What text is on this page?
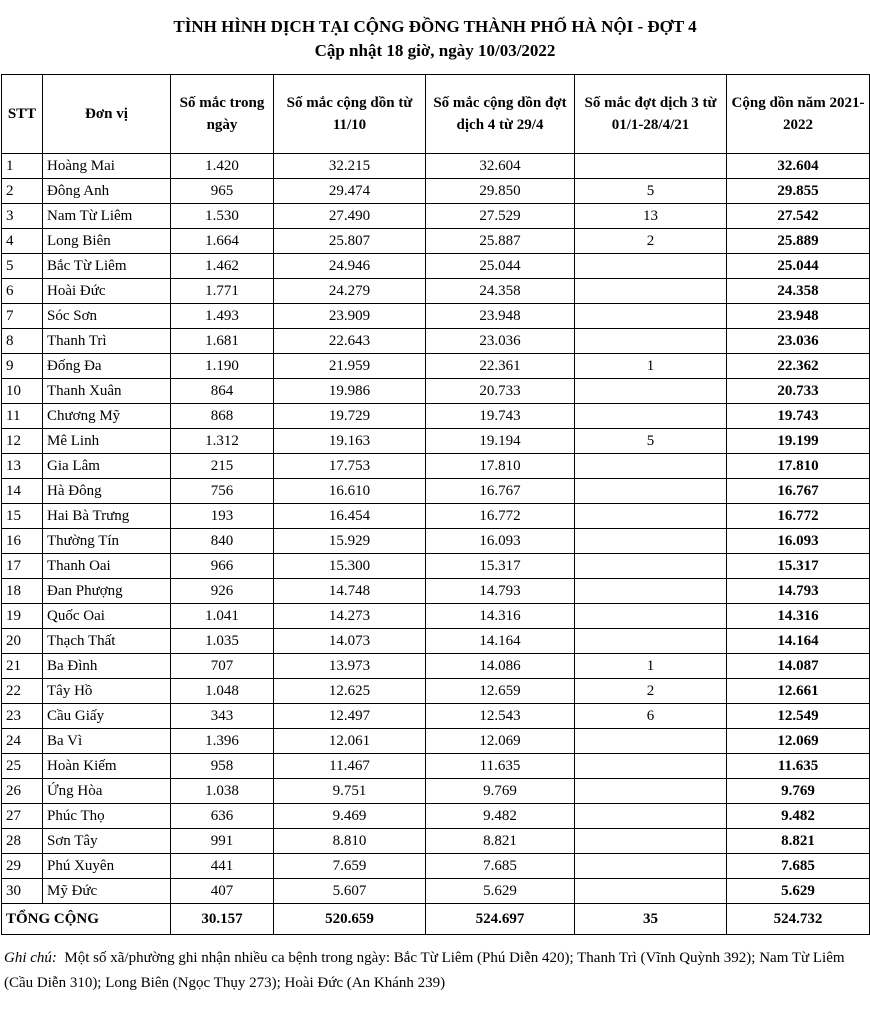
TÌNH HÌNH DỊCH TẠI CỘNG ĐỒNG THÀNH PHỐ HÀ NỘI - ĐỢT 4
Cập nhật 18 giờ, ngày 10/03/2022
STT	Đơn vị	Số mắc trong ngày	Số mắc cộng dồn từ 11/10	Số mắc cộng dồn đợt dịch 4 từ 29/4	Số mắc đợt dịch 3 từ 01/1-28/4/21	Cộng dồn năm 2021-2022
1	Hoàng Mai	1.420	32.215	32.604		32.604
2	Đông Anh	965	29.474	29.850	5	29.855
3	Nam Từ Liêm	1.530	27.490	27.529	13	27.542
4	Long Biên	1.664	25.807	25.887	2	25.889
5	Bắc Từ Liêm	1.462	24.946	25.044		25.044
6	Hoài Đức	1.771	24.279	24.358		24.358
7	Sóc Sơn	1.493	23.909	23.948		23.948
8	Thanh Trì	1.681	22.643	23.036		23.036
9	Đống Đa	1.190	21.959	22.361	1	22.362
10	Thanh Xuân	864	19.986	20.733		20.733
11	Chương Mỹ	868	19.729	19.743		19.743
12	Mê Linh	1.312	19.163	19.194	5	19.199
13	Gia Lâm	215	17.753	17.810		17.810
14	Hà Đông	756	16.610	16.767		16.767
15	Hai Bà Trưng	193	16.454	16.772		16.772
16	Thường Tín	840	15.929	16.093		16.093
17	Thanh Oai	966	15.300	15.317		15.317
18	Đan Phượng	926	14.748	14.793		14.793
19	Quốc Oai	1.041	14.273	14.316		14.316
20	Thạch Thất	1.035	14.073	14.164		14.164
21	Ba Đình	707	13.973	14.086	1	14.087
22	Tây Hồ	1.048	12.625	12.659	2	12.661
23	Cầu Giấy	343	12.497	12.543	6	12.549
24	Ba Vì	1.396	12.061	12.069		12.069
25	Hoàn Kiếm	958	11.467	11.635		11.635
26	Ứng Hòa	1.038	9.751	9.769		9.769
27	Phúc Thọ	636	9.469	9.482		9.482
28	Sơn Tây	991	8.810	8.821		8.821
29	Phú Xuyên	441	7.659	7.685		7.685
30	Mỹ Đức	407	5.607	5.629		5.629
TỔNG CỘNG		30.157	520.659	524.697	35	524.732
Ghi chú: Một số xã/phường ghi nhận nhiều ca bệnh trong ngày: Bắc Từ Liêm (Phú Diễn 420); Thanh Trì (Vĩnh Quỳnh 392); Nam Từ Liêm (Cầu Diễn 310); Long Biên (Ngọc Thụy 273); Hoài Đức (An Khánh 239)
